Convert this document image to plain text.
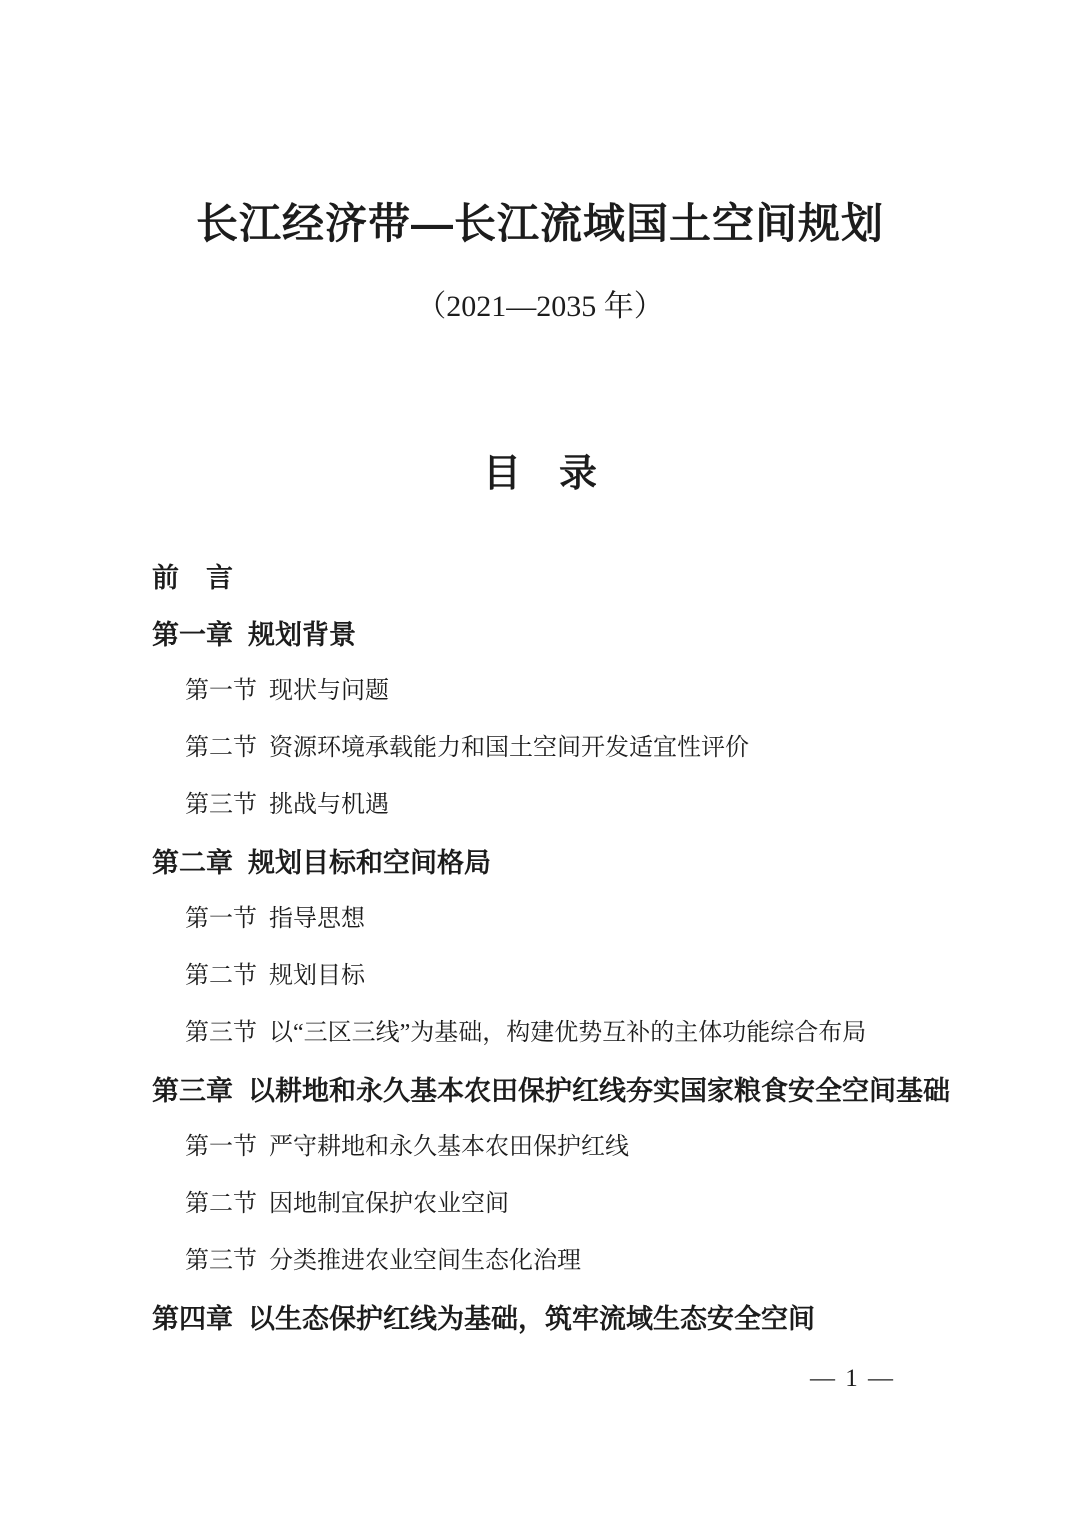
长江经济带—长江流域国土空间规划
（2021—2035 年）
目　录
前　言
第一章  规划背景
第一节  现状与问题
第二节  资源环境承载能力和国土空间开发适宜性评价
第三节  挑战与机遇
第二章  规划目标和空间格局
第一节  指导思想
第二节  规划目标
第三节  以“三区三线”为基础，构建优势互补的主体功能综合布局
第三章  以耕地和永久基本农田保护红线夯实国家粮食安全空间基础
第一节  严守耕地和永久基本农田保护红线
第二节  因地制宜保护农业空间
第三节  分类推进农业空间生态化治理
第四章  以生态保护红线为基础，筑牢流域生态安全空间
— 1 —
